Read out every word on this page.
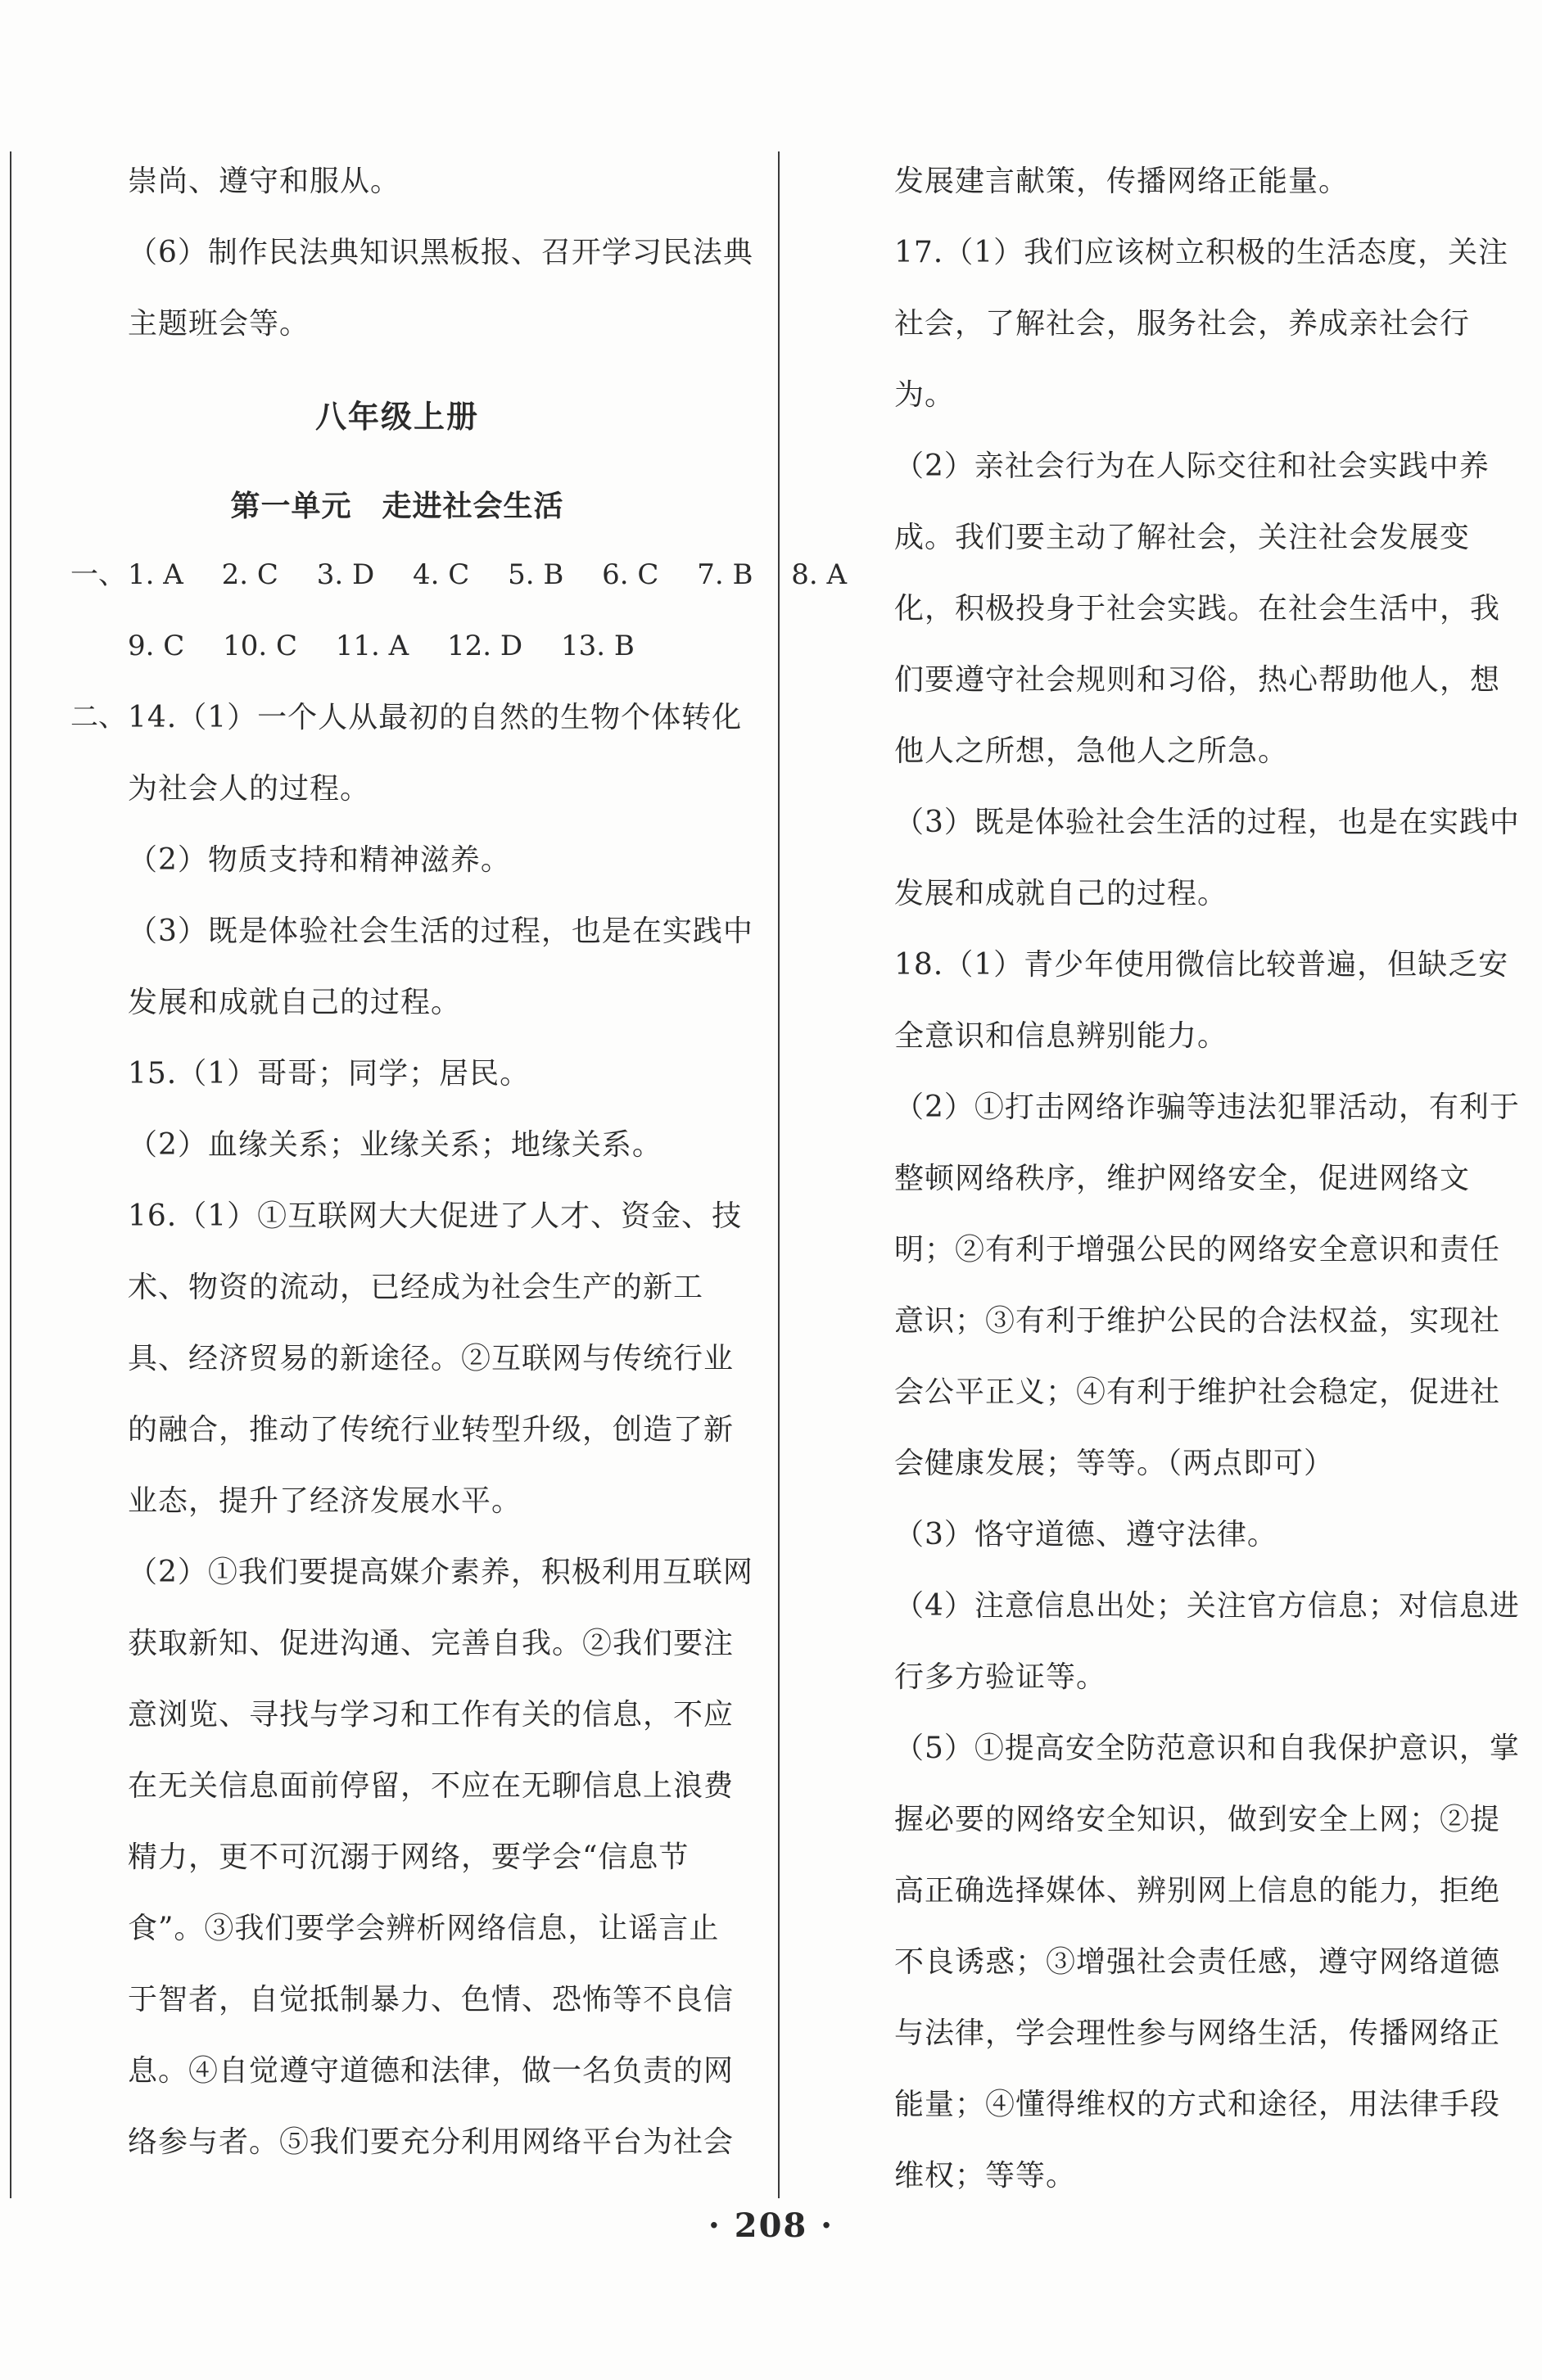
崇尚、遵守和服从。
（6）制作民法典知识黑板报、召开学习民法典
主题班会等。
八年级上册
第一单元　走进社会生活
一、 1. A 2. C 3. D 4. C 5. B 6. C 7. B 8. A
9. C 10. C 11. A 12. D 13. B
二、 14.（1）一个人从最初的自然的生物个体转化
为社会人的过程。
（2）物质支持和精神滋养。
（3）既是体验社会生活的过程，也是在实践中
发展和成就自己的过程。
15.（1）哥哥；同学；居民。
（2）血缘关系；业缘关系；地缘关系。
16.（1）①互联网大大促进了人才、资金、技
术、物资的流动，已经成为社会生产的新工
具、经济贸易的新途径。②互联网与传统行业
的融合，推动了传统行业转型升级，创造了新
业态，提升了经济发展水平。
（2）①我们要提高媒介素养，积极利用互联网
获取新知、促进沟通、完善自我。②我们要注
意浏览、寻找与学习和工作有关的信息，不应
在无关信息面前停留，不应在无聊信息上浪费
精力，更不可沉溺于网络，要学会“信息节
食”。③我们要学会辨析网络信息，让谣言止
于智者，自觉抵制暴力、色情、恐怖等不良信
息。④自觉遵守道德和法律，做一名负责的网
络参与者。⑤我们要充分利用网络平台为社会
发展建言献策，传播网络正能量。
17.（1）我们应该树立积极的生活态度，关注
社会，了解社会，服务社会，养成亲社会行
为。
（2）亲社会行为在人际交往和社会实践中养
成。我们要主动了解社会，关注社会发展变
化，积极投身于社会实践。在社会生活中，我
们要遵守社会规则和习俗，热心帮助他人，想
他人之所想，急他人之所急。
（3）既是体验社会生活的过程，也是在实践中
发展和成就自己的过程。
18.（1）青少年使用微信比较普遍，但缺乏安
全意识和信息辨别能力。
（2）①打击网络诈骗等违法犯罪活动，有利于
整顿网络秩序，维护网络安全，促进网络文
明；②有利于增强公民的网络安全意识和责任
意识；③有利于维护公民的合法权益，实现社
会公平正义；④有利于维护社会稳定，促进社
会健康发展；等等。（两点即可）
（3）恪守道德、遵守法律。
（4）注意信息出处；关注官方信息；对信息进
行多方验证等。
（5）①提高安全防范意识和自我保护意识，掌
握必要的网络安全知识，做到安全上网；②提
高正确选择媒体、辨别网上信息的能力，拒绝
不良诱惑；③增强社会责任感，遵守网络道德
与法律，学会理性参与网络生活，传播网络正
能量；④懂得维权的方式和途径，用法律手段
维权；等等。
· 208 ·
